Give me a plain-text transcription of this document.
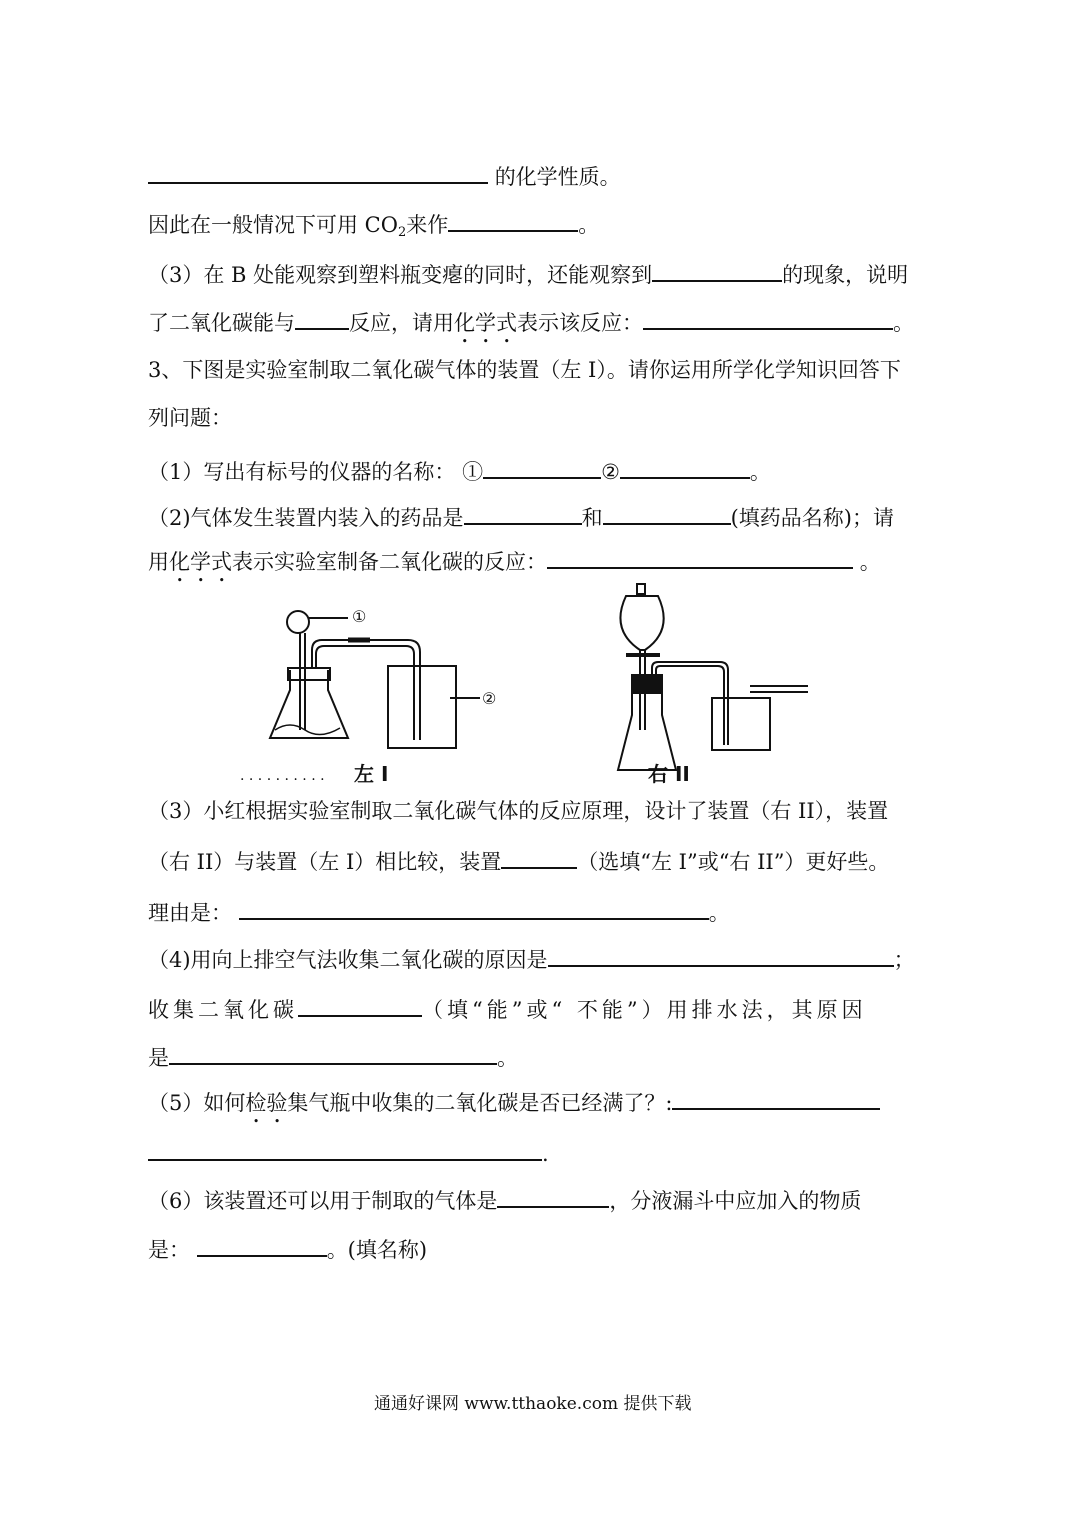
的化学性质。
因此在一般情况下可用 $CO_2$来作	。
（3）在 B 处能观察到塑料瓶变瘪的同时，还能观察到	的现象，说明
了二氧化碳能与	反应，请用化学式表示该反应：	。
3、下图是实验室制取二氧化碳气体的装置（左 I）。请你运用所学化学知识回答下
列问题：
（1）写出有标号的仪器的名称： ①	②	。
（2)气体发生装置内装入的药品是	和	(填药品名称)；请
用化学式表示实验室制备二氧化碳的反应：	。
①
②
. . . . . . . . . . 左 I	右 II
（3）小红根据实验室制取二氧化碳气体的反应原理，设计了装置（右 II），装置
（右 II）与装置（左 I）相比较，装置	（选填“左 I”或“右 II”）更好些。
理由是：	。
（4)用向上排空气法收集二氧化碳的原因是	；
收集二氧化碳	（填“能”或“ 不能”）用排水法，其原因
是	。
（5）如何检验集气瓶中收集的二氧化碳是否已经满了？:
.
（6）该装置还可以用于制取的气体是	，分液漏斗中应加入的物质
是：	。(填名称)
通通好课网 www.tthaoke.com 提供下载
